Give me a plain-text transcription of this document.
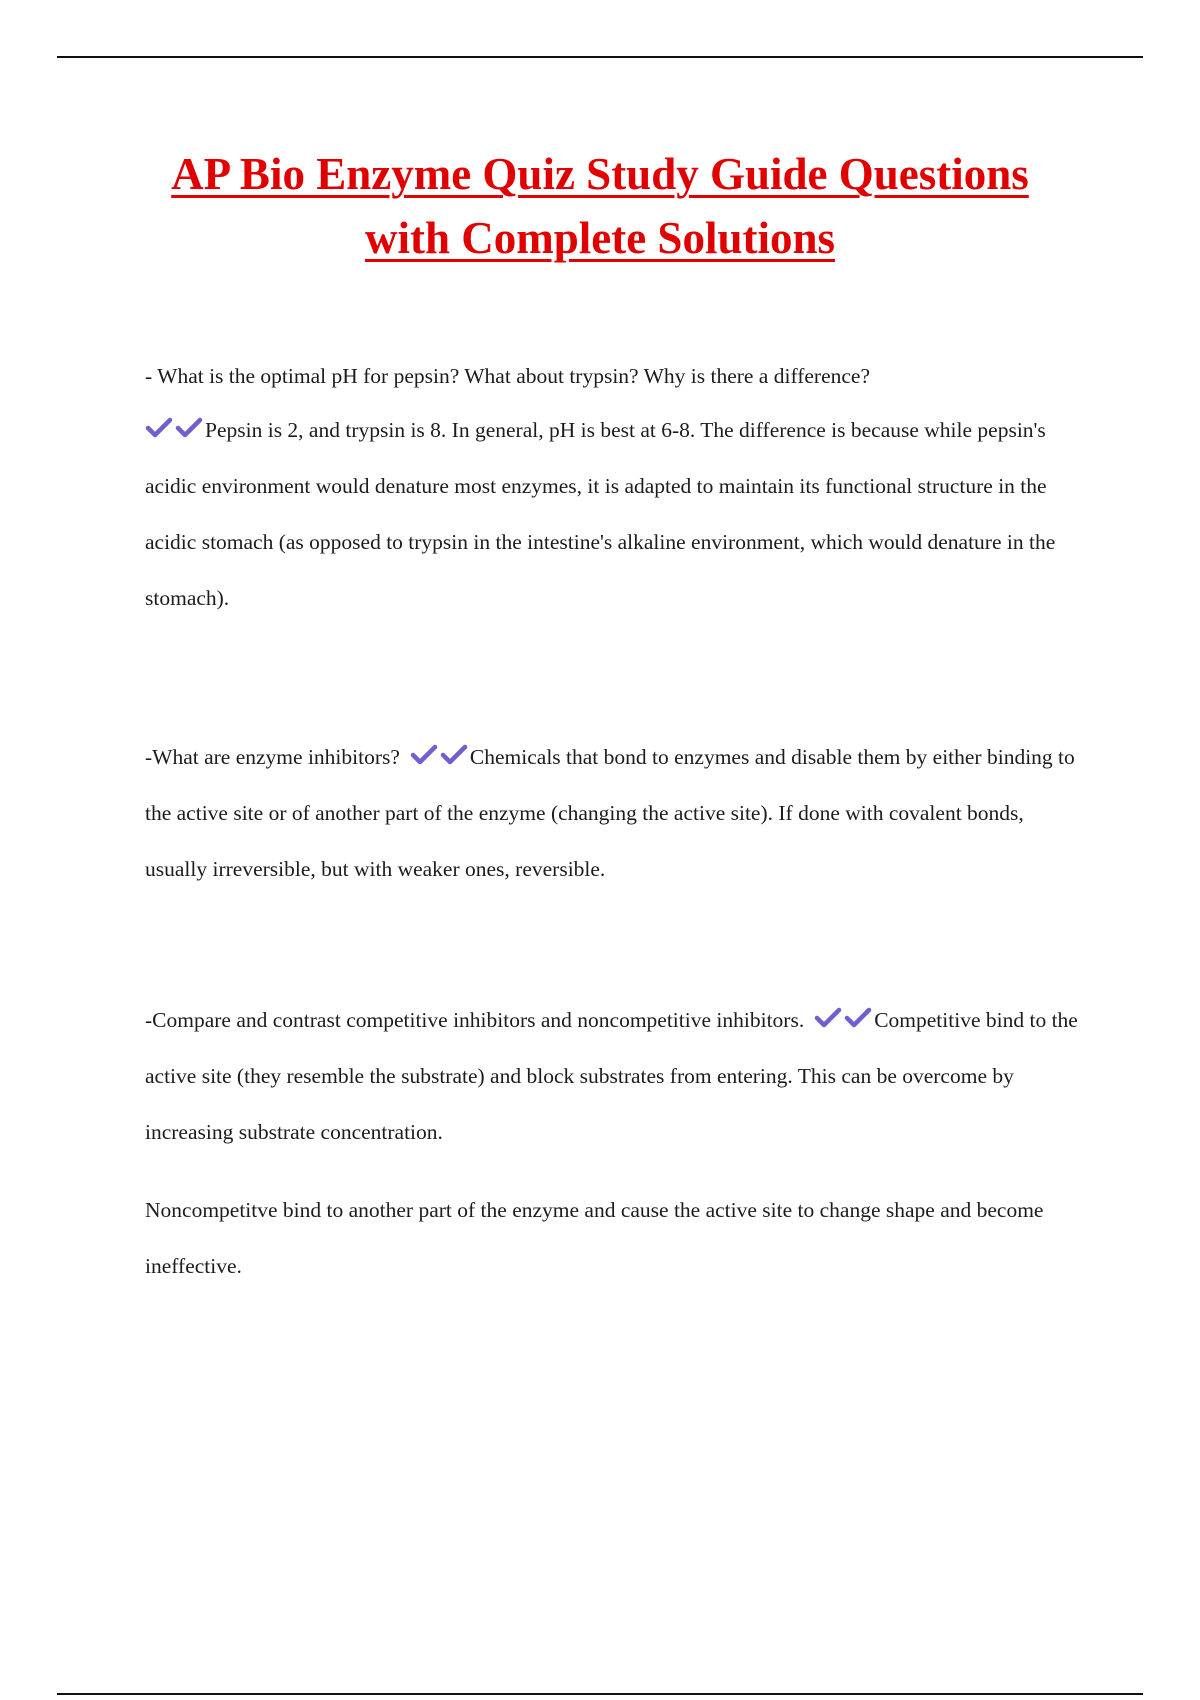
AP Bio Enzyme Quiz Study Guide Questions
with Complete Solutions

- What is the optimal pH for pepsin? What about trypsin? Why is there a difference?

Pepsin is 2, and trypsin is 8. In general, pH is best at 6-8. The difference is because while pepsin's acidic environment would denature most enzymes, it is adapted to maintain its functional structure in the acidic stomach (as opposed to trypsin in the intestine's alkaline environment, which would denature in the stomach).

-What are enzyme inhibitors?	Chemicals that bond to enzymes and disable them by either binding to the active site or of another part of the enzyme (changing the active site). If done with covalent bonds, usually irreversible, but with weaker ones, reversible.

-Compare and contrast competitive inhibitors and noncompetitive inhibitors.	Competitive bind to the active site (they resemble the substrate) and block substrates from entering. This can be overcome by increasing substrate concentration.

Noncompetitve bind to another part of the enzyme and cause the active site to change shape and become ineffective.
